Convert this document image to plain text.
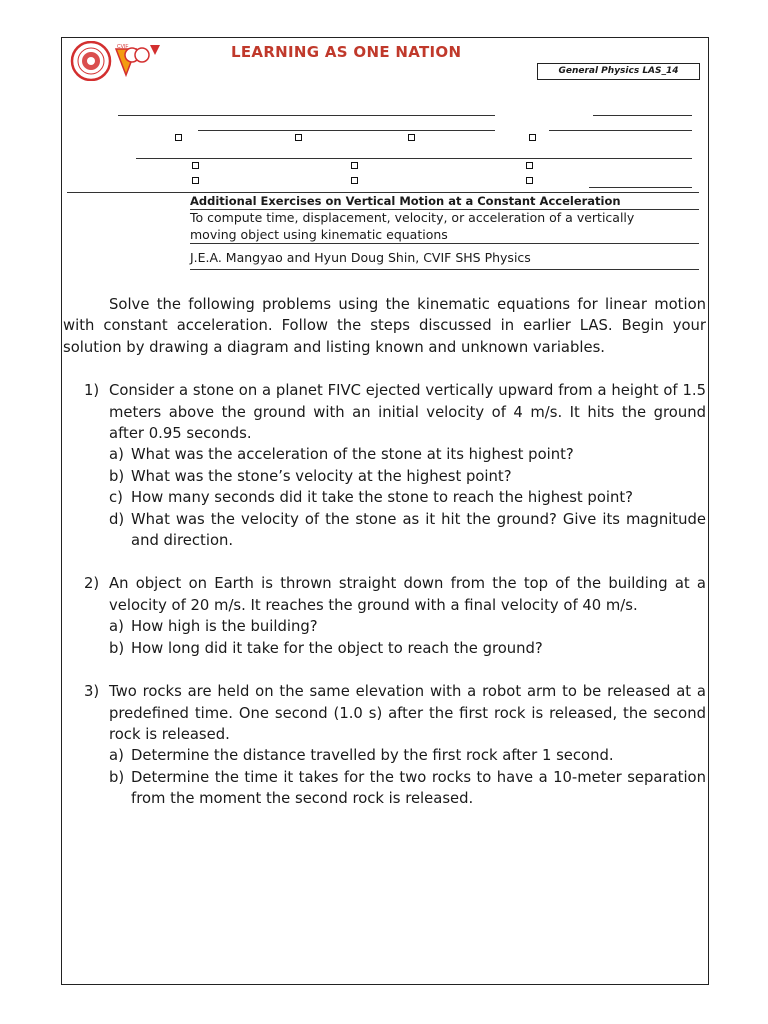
CVIF	LEARNING AS ONE NATION
General Physics LAS_14
Additional Exercises on Vertical Motion at a Constant Acceleration
To compute time, displacement, velocity, or acceleration of a vertically moving object using kinematic equations
J.E.A. Mangyao and Hyun Doug Shin, CVIF SHS Physics
Solve the following problems using the kinematic equations for linear motion with constant acceleration. Follow the steps discussed in earlier LAS. Begin your solution by drawing a diagram and listing known and unknown variables.
1) Consider a stone on a planet FIVC ejected vertically upward from a height of 1.5 meters above the ground with an initial velocity of 4 m/s. It hits the ground after 0.95 seconds.
a) What was the acceleration of the stone at its highest point?
b) What was the stone’s velocity at the highest point?
c) How many seconds did it take the stone to reach the highest point?
d) What was the velocity of the stone as it hit the ground? Give its magnitude and direction.
2) An object on Earth is thrown straight down from the top of the building at a velocity of 20 m/s. It reaches the ground with a final velocity of 40 m/s.
a) How high is the building?
b) How long did it take for the object to reach the ground?
3) Two rocks are held on the same elevation with a robot arm to be released at a predefined time. One second (1.0 s) after the first rock is released, the second rock is released.
a) Determine the distance travelled by the first rock after 1 second.
b) Determine the time it takes for the two rocks to have a 10-meter separation from the moment the second rock is released.
